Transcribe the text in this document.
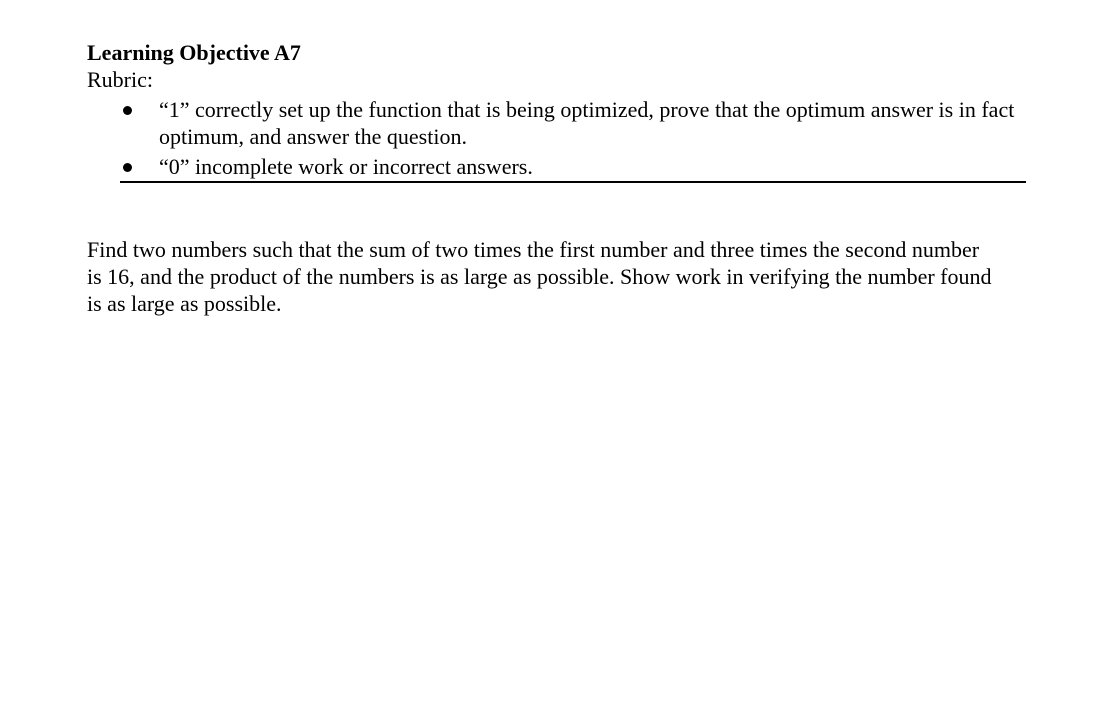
Learning Objective A7

Rubric:

“1” correctly set up the function that is being optimized, prove that the optimum answer is in fact optimum, and answer the question.
“0” incomplete work or incorrect answers.

Find two numbers such that the sum of two times the first number and three times the second number is 16, and the product of the numbers is as large as possible. Show work in verifying the number found is as large as possible.
